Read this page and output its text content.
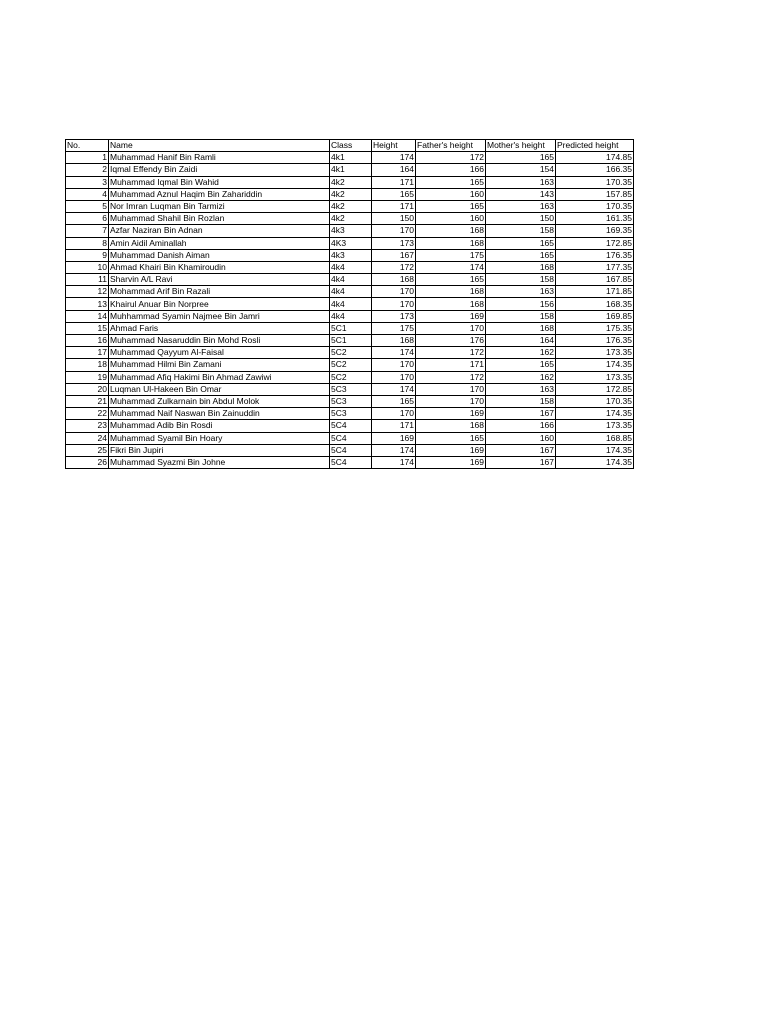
No.	Name	Class	Height	Father's height	Mother's height	Predicted height
1	Muhammad Hanif Bin Ramli	4k1	174	172	165	174.85
2	Iqmal Effendy Bin Zaidi	4k1	164	166	154	166.35
3	Muhammad Iqmal Bin Wahid	4k2	171	165	163	170.35
4	Muhammad Aznul Haqim Bin Zahariddin	4k2	165	160	143	157.85
5	Nor Imran Luqman Bin Tarmizi	4k2	171	165	163	170.35
6	Muhammad Shahil Bin Rozlan	4k2	150	160	150	161.35
7	Azfar Naziran Bin Adnan	4k3	170	168	158	169.35
8	Amin Aidil Aminallah	4K3	173	168	165	172.85
9	Muhammad Danish Aiman	4k3	167	175	165	176.35
10	Ahmad Khairi Bin Khamiroudin	4k4	172	174	168	177.35
11	Sharvin A/L Ravi	4k4	168	165	158	167.85
12	Mohammad Arif Bin Razali	4k4	170	168	163	171.85
13	Khairul Anuar Bin Norpree	4k4	170	168	156	168.35
14	Muhhammad Syamin Najmee Bin Jamri	4k4	173	169	158	169.85
15	Ahmad Faris	5C1	175	170	168	175.35
16	Muhammad Nasaruddin Bin Mohd Rosli	5C1	168	176	164	176.35
17	Muhammad Qayyum Al-Faisal	5C2	174	172	162	173.35
18	Muhammad Hilmi Bin Zamani	5C2	170	171	165	174.35
19	Muhammad Afiq Hakimi Bin Ahmad Zawiwi	5C2	170	172	162	173.35
20	Luqman Ul-Hakeen Bin Omar	5C3	174	170	163	172.85
21	Muhammad Zulkarnain bin Abdul Molok	5C3	165	170	158	170.35
22	Muhammad Naif Naswan Bin Zainuddin	5C3	170	169	167	174.35
23	Muhammad Adib Bin Rosdi	5C4	171	168	166	173.35
24	Muhammad Syamil Bin Hoary	5C4	169	165	160	168.85
25	Fikri Bin Jupiri	5C4	174	169	167	174.35
26	Muhammad Syazmi Bin Johne	5C4	174	169	167	174.35
